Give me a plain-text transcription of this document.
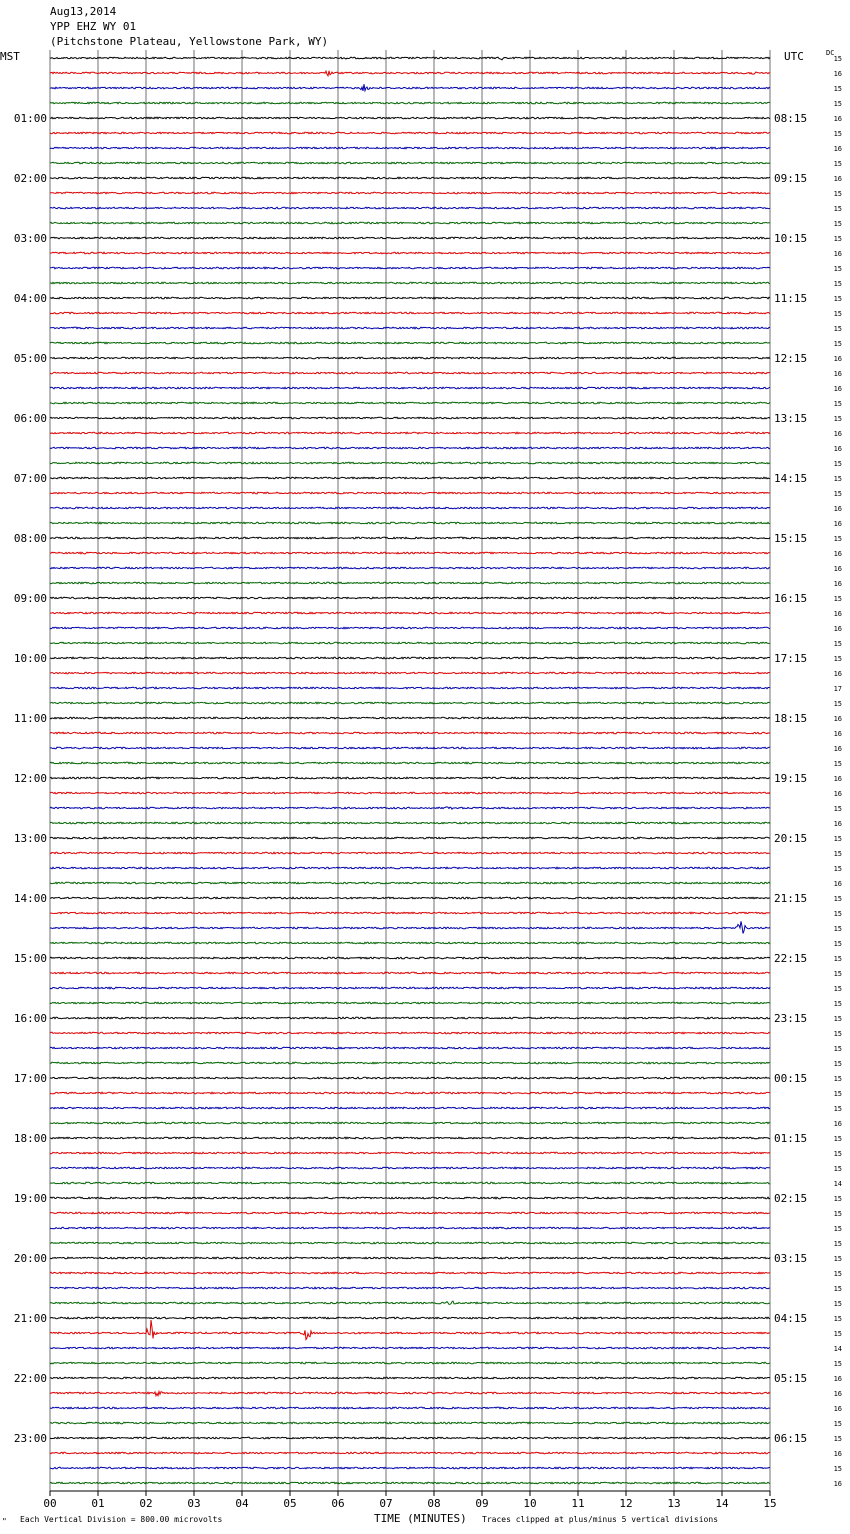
Aug13,2014
YPP EHZ WY 01
(Pitchstone Plateau, Yellowstone Park, WY)
MST	UTC	DC
00	01	02	03	04	05	06	07	08	09	10	11	12	13	14	15
15
16
15
15
16
15
16
15
16
15
15
15
15
16
15
15
15
15
15
15
16
16
16
15
15
16
16
15
15
15
16
16
15
16
16
16
15
16
16
15
15
16
17
15
16
16
16
15
16
16
15
16
15
15
15
16
15
15
15
15
15
15
15
15
15
15
15
15
15
15
15
16
15
15
15
14
15
15
15
15
15
15
15
15
15
15
14
15
16
16
16
15
15
16
15
16
01:00
02:00
03:00
04:00
05:00
06:00
07:00
08:00
09:00
10:00
11:00
12:00
13:00
14:00
15:00
16:00
17:00
18:00
19:00
20:00
21:00
22:00
23:00
08:15
09:15
10:15
11:15
12:15
13:15
14:15
15:15
16:15
17:15
18:15
19:15
20:15
21:15
22:15
23:15
00:15
01:15
02:15
03:15
04:15
05:15
06:15
" Each Vertical Division = 800.00 microvolts	TIME (MINUTES) Traces clipped at plus/minus 5 vertical divisions
